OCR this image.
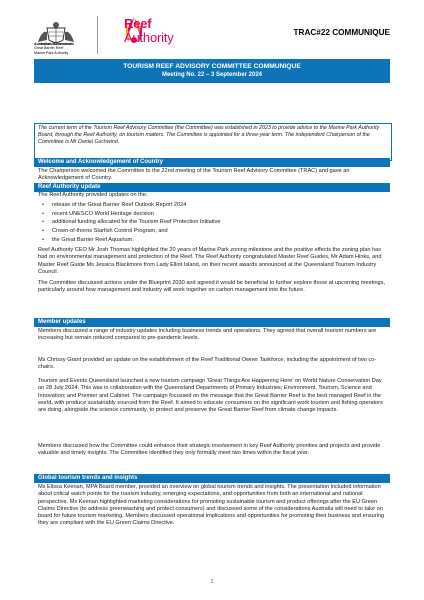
Australian Government
Great Barrier Reef
Marine Park Authority
Reef
Authority	TRAC#22 COMMUNIQUE
TOURISM REEF ADVISORY COMMITTEE COMMUNIQUE
Meeting No. 22 – 3 September 2024
The current term of the Tourism Reef Advisory Committee (the Committee) was established in 2023 to provide advice to the Marine Park Authority Board, through the Reef Authority, on tourism matters. The Committee is appointed for a three-year term. The independent Chairperson of the Committee is Mr Daniel Gschwind.
Welcome and Acknowledgement of Country
The Chairperson welcomed the Committee to the 22nd meeting of the Tourism Reef Advisory Committee (TRAC) and gave an Acknowledgement of Country.
Reef Authority update
The Reef Authority provided updates on the:
• release of the Great Barrier Reef Outlook Report 2024
• recent UNESCO World Heritage decision
• additional funding allocated for the Tourism Reef Protection Initiative
• Crown-of-thorns Starfish Control Program, and
• the Great Barrier Reef Aquarium.
Reef Authority CEO Mr Josh Thomas highlighted the 20 years of Marine Park zoning milestone and the positive effects the zoning plan has had on environmental management and protection of the Reef. The Reef Authority congratulated Master Reef Guides, Mr Adam Hinks, and Master Reef Guide Ms Jessica Blackmore from Lady Elliot Island, on their recent awards announced at the Queensland Tourism Industry Council.
The Committee discussed actions under the Blueprint 2030 and agreed it would be beneficial to further explore those at upcoming meetings, particularly around how management and industry will work together on carbon management into the future.
Member updates
Members discussed a range of industry updates including business trends and operations. They agreed that overall tourism numbers are increasing but remain reduced compared to pre-pandemic levels.
Ms Chrissy Grant provided an update on the establishment of the Reef Traditional Owner Taskforce, including the appointment of two co-chairs.
Tourism and Events Queensland launched a new tourism campaign 'Great Things Are Happening Here' on World Nature Conservation Day on 28 July 2024. This was in collaboration with the Queensland Departments of Primary Industries; Environment, Tourism, Science and Innovation; and Premier and Cabinet. The campaign focussed on the message that the Great Barrier Reef is the best managed Reef in the world, with produce sustainably sourced from the Reef. It aimed to educate consumers on the significant work tourism and fishing operators are doing, alongside the science community, to protect and preserve the Great Barrier Reef from climate change impacts.
Members discussed how the Committee could enhance their strategic involvement in key Reef Authority priorities and projects and provide valuable and timely insights. The Committee identified they only formally meet two times within the fiscal year.
Global tourism trends and insights
Ms Elissa Keenan, MPA Board member, provided an overview on global tourism trends and insights. The presentation included information about critical watch points for the tourism industry, emerging expectations, and opportunities from both an international and national perspective. Ms Keenan highlighted marketing considerations for promoting sustainable tourism and product offerings after the EU Green Claims Directive (to address greenwashing and protect consumers) and discussed some of the considerations Australia will need to take on board for future tourism marketing. Members discussed operational implications and opportunities for promoting their business and ensuring they are compliant with the EU Green Claims Directive.
1
